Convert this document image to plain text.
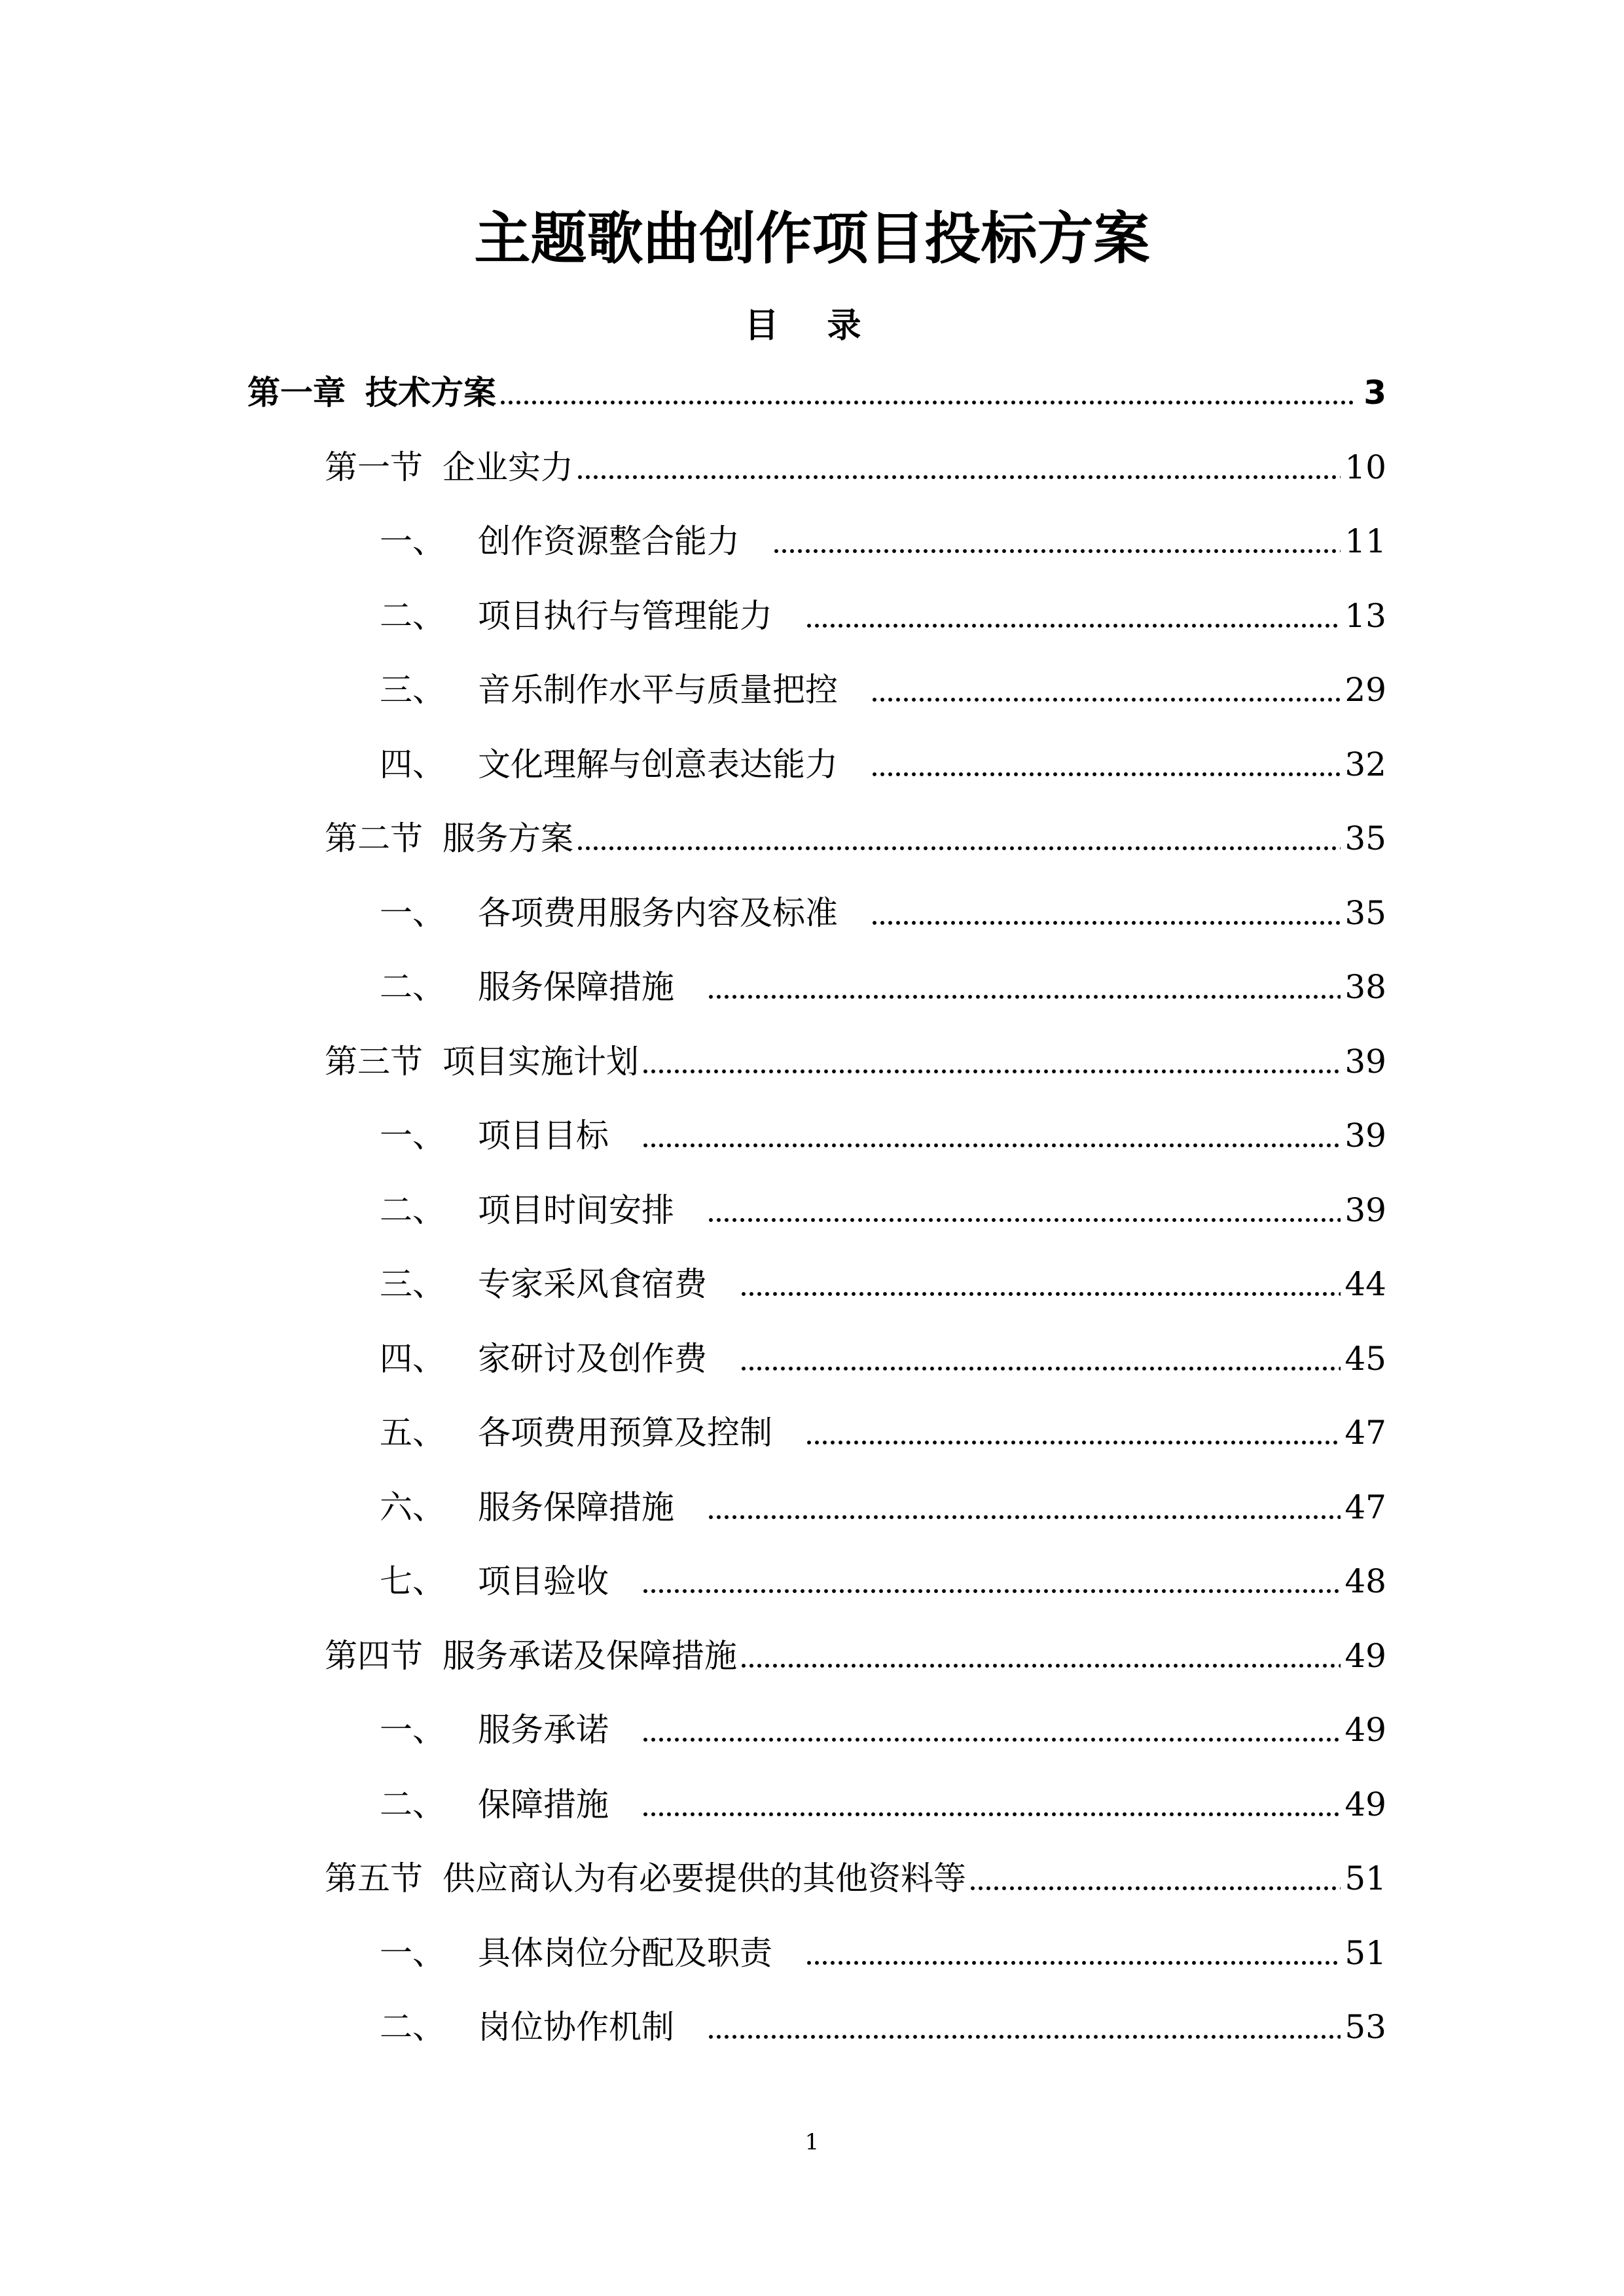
主题歌曲创作项目投标方案
目 录
第一章 技术方案	3
第一节 企业实力	10
一、	创作资源整合能力	11
二、	项目执行与管理能力	13
三、	音乐制作水平与质量把控	29
四、	文化理解与创意表达能力	32
第二节 服务方案	35
一、	各项费用服务内容及标准	35
二、	服务保障措施	38
第三节 项目实施计划	39
一、	项目目标	39
二、	项目时间安排	39
三、	专家采风食宿费	44
四、	家研讨及创作费	45
五、	各项费用预算及控制	47
六、	服务保障措施	47
七、	项目验收	48
第四节 服务承诺及保障措施	49
一、	服务承诺	49
二、	保障措施	49
第五节 供应商认为有必要提供的其他资料等	51
一、	具体岗位分配及职责	51
二、	岗位协作机制	53
1
